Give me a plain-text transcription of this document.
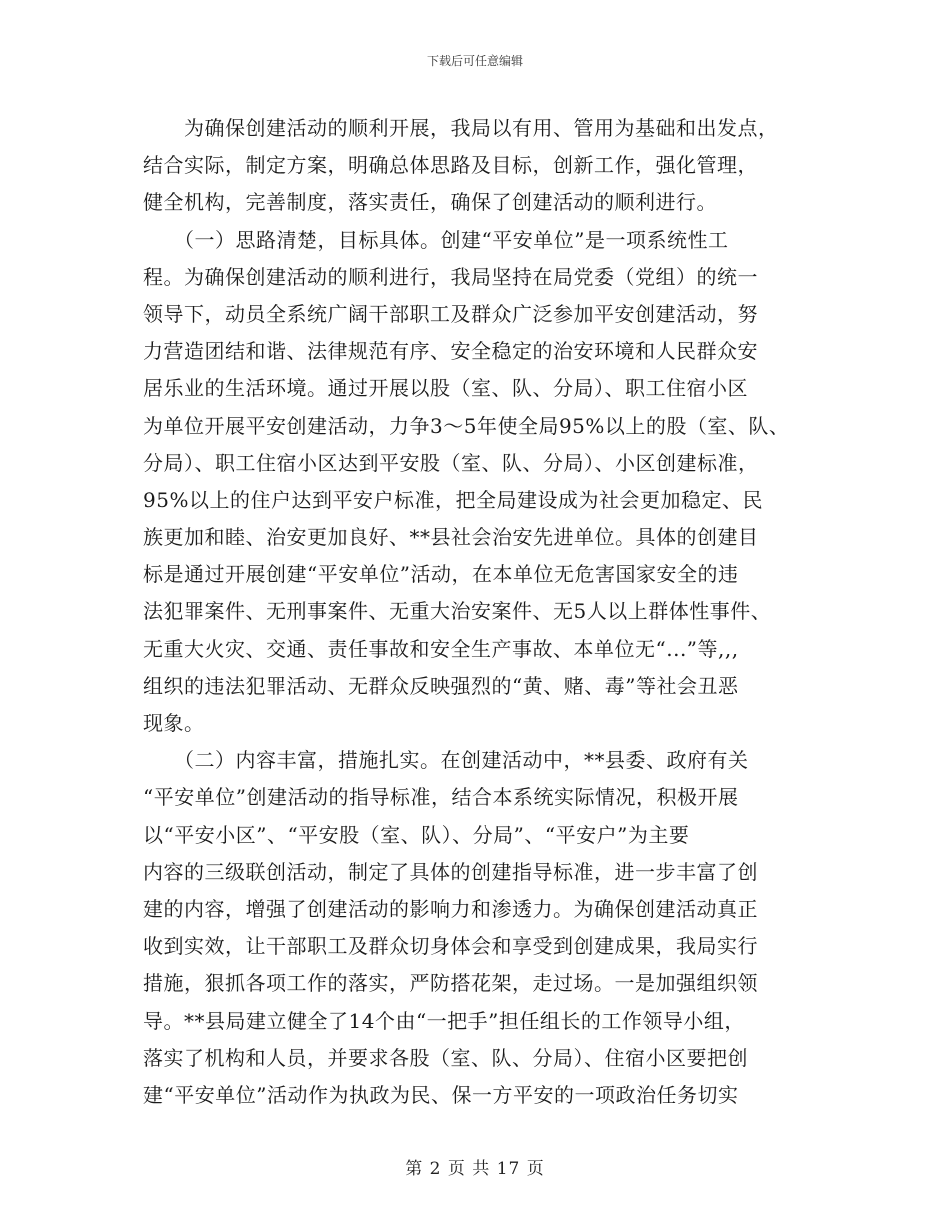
下载后可任意编辑
　　为确保创建活动的顺利开展，我局以有用、管用为基础和出发点，
结合实际，制定方案，明确总体思路及目标，创新工作，强化管理，
健全机构，完善制度，落实责任，确保了创建活动的顺利进行。
　　（一）思路清楚，目标具体。创建“平安单位”是一项系统性工
程。为确保创建活动的顺利进行，我局坚持在局党委（党组）的统一
领导下，动员全系统广阔干部职工及群众广泛参加平安创建活动，努
力营造团结和谐、法律规范有序、安全稳定的治安环境和人民群众安
居乐业的生活环境。通过开展以股（室、队、分局）、职工住宿小区
为单位开展平安创建活动，力争3～5年使全局95%以上的股（室、队、
分局）、职工住宿小区达到平安股（室、队、分局）、小区创建标准，
95%以上的住户达到平安户标准，把全局建设成为社会更加稳定、民
族更加和睦、治安更加良好、**县社会治安先进单位。具体的创建目
标是通过开展创建“平安单位”活动，在本单位无危害国家安全的违
法犯罪案件、无刑事案件、无重大治安案件、无5人以上群体性事件、
无重大火灾、交通、责任事故和安全生产事故、本单位无“...”等,,,
组织的违法犯罪活动、无群众反映强烈的“黄、赌、毒”等社会丑恶
现象。
　　（二）内容丰富，措施扎实。在创建活动中，**县委、政府有关
“平安单位”创建活动的指导标准，结合本系统实际情况，积极开展
以“平安小区”、“平安股（室、队）、分局”、“平安户”为主要
内容的三级联创活动，制定了具体的创建指导标准，进一步丰富了创
建的内容，增强了创建活动的影响力和渗透力。为确保创建活动真正
收到实效，让干部职工及群众切身体会和享受到创建成果，我局实行
措施，狠抓各项工作的落实，严防搭花架，走过场。一是加强组织领
导。**县局建立健全了14个由“一把手”担任组长的工作领导小组，
落实了机构和人员，并要求各股（室、队、分局）、住宿小区要把创
建“平安单位”活动作为执政为民、保一方平安的一项政治任务切实
第 2 页 共 17 页
